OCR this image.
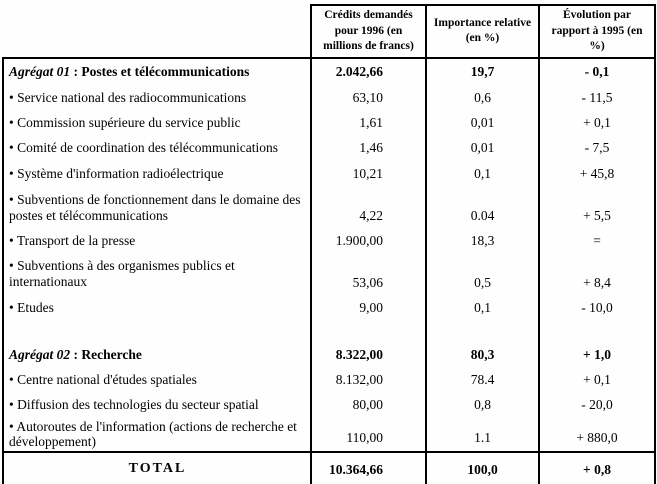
	Crédits demandés pour 1996 (en millions de francs)	Importance relative (en %)	Évolution par rapport à 1995 (en %)
Agrégat 01 : Postes et télécommunications	2.042,66	19,7	- 0,1
• Service national des radiocommunications	63,10	0,6	- 11,5
• Commission supérieure du service public	1,61	0,01	+ 0,1
• Comité de coordination des télécommunications	1,46	0,01	- 7,5
• Système d'information radioélectrique	10,21	0,1	+ 45,8
• Subventions de fonctionnement dans le domaine des postes et télécommunications	4,22	0.04	+ 5,5
• Transport de la presse	1.900,00	18,3	=
• Subventions à des organismes publics et internationaux	53,06	0,5	+ 8,4
• Etudes	9,00	0,1	- 10,0

Agrégat 02 : Recherche	8.322,00	80,3	+ 1,0
• Centre national d'études spatiales	8.132,00	78.4	+ 0,1
• Diffusion des technologies du secteur spatial	80,00	0,8	- 20,0
• Autoroutes de l'information (actions de recherche et développement)	110,00	1.1	+ 880,0
TOTAL	10.364,66	100,0	+ 0,8
